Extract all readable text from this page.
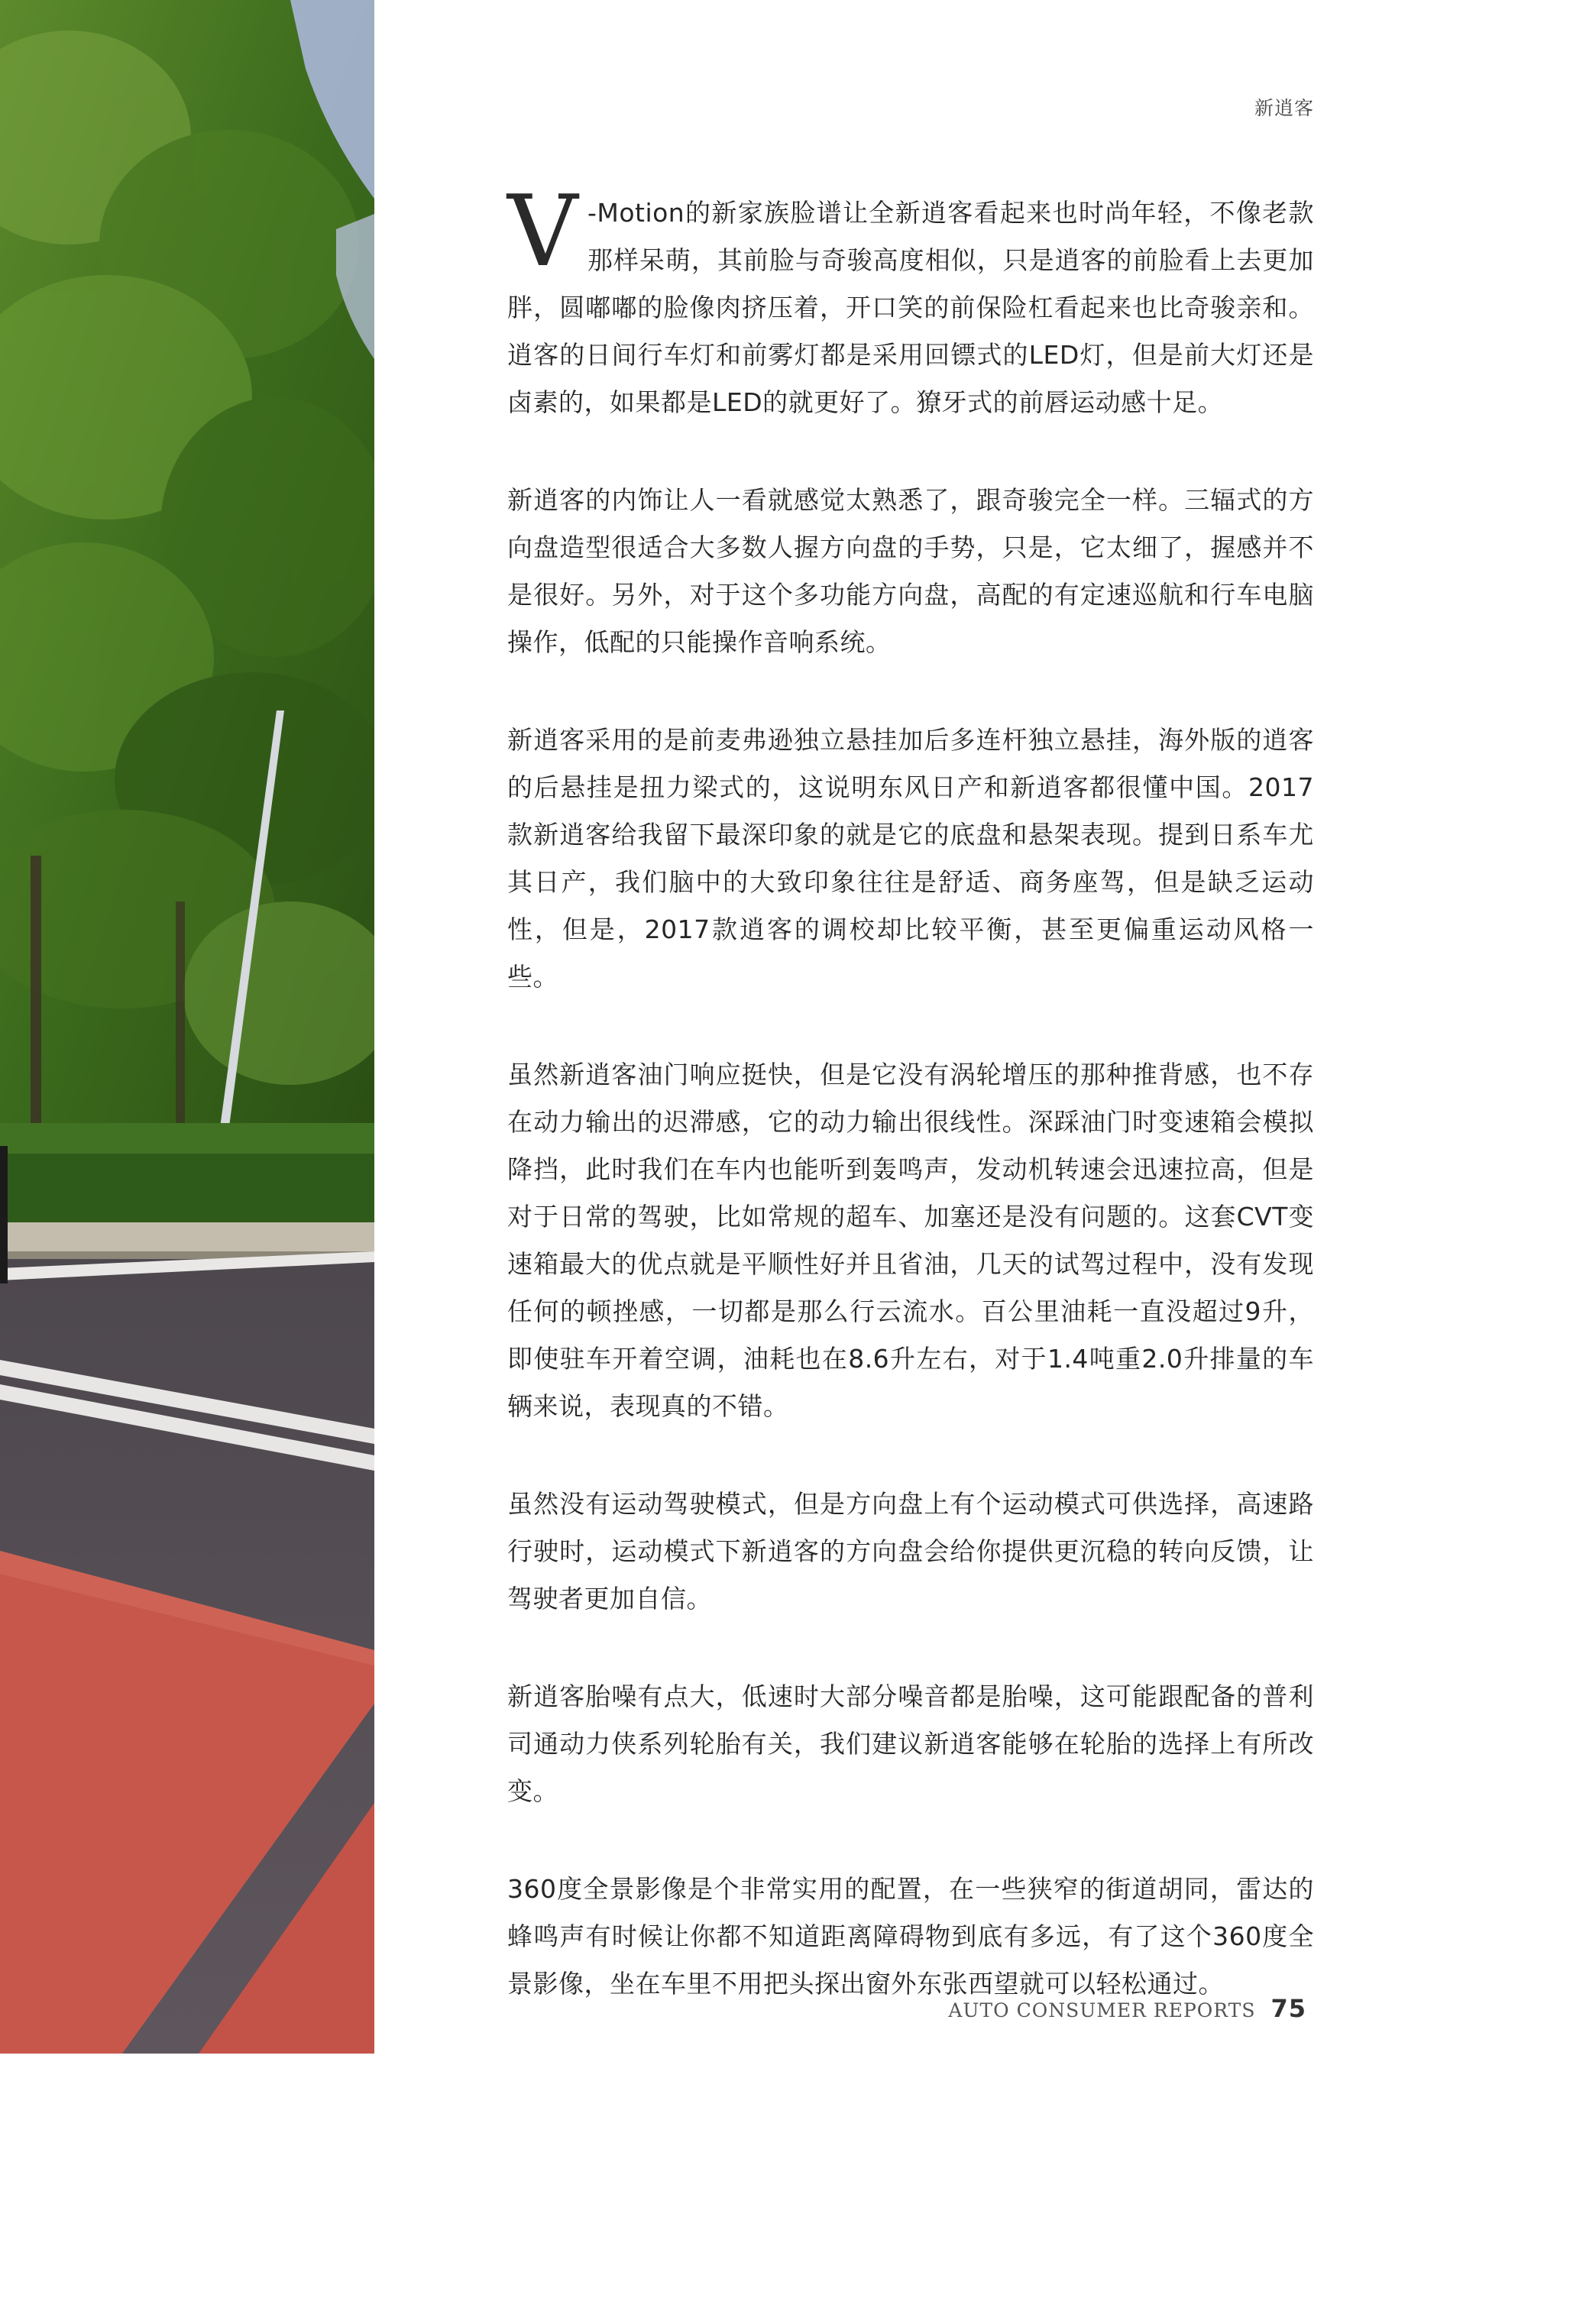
新逍客

V -Motion的新家族脸谱让全新逍客看起来也时尚年轻，不像老款那样呆萌，其前脸与奇骏高度相似，只是逍客的前脸看上去更加胖，圆嘟嘟的脸像肉挤压着，开口笑的前保险杠看起来也比奇骏亲和。逍客的日间行车灯和前雾灯都是采用回镖式的LED灯，但是前大灯还是卤素的，如果都是LED的就更好了。獠牙式的前唇运动感十足。

新逍客的内饰让人一看就感觉太熟悉了，跟奇骏完全一样。三辐式的方向盘造型很适合大多数人握方向盘的手势，只是，它太细了，握感并不是很好。另外，对于这个多功能方向盘，高配的有定速巡航和行车电脑操作，低配的只能操作音响系统。

新逍客采用的是前麦弗逊独立悬挂加后多连杆独立悬挂，海外版的逍客的后悬挂是扭力梁式的，这说明东风日产和新逍客都很懂中国。2017款新逍客给我留下最深印象的就是它的底盘和悬架表现。提到日系车尤其日产，我们脑中的大致印象往往是舒适、商务座驾，但是缺乏运动性，但是，2017款逍客的调校却比较平衡，甚至更偏重运动风格一些。

虽然新逍客油门响应挺快，但是它没有涡轮增压的那种推背感，也不存在动力输出的迟滞感，它的动力输出很线性。深踩油门时变速箱会模拟降挡，此时我们在车内也能听到轰鸣声，发动机转速会迅速拉高，但是对于日常的驾驶，比如常规的超车、加塞还是没有问题的。这套CVT变速箱最大的优点就是平顺性好并且省油，几天的试驾过程中，没有发现任何的顿挫感，一切都是那么行云流水。百公里油耗一直没超过9升，即使驻车开着空调，油耗也在8.6升左右，对于1.4吨重2.0升排量的车辆来说，表现真的不错。

虽然没有运动驾驶模式，但是方向盘上有个运动模式可供选择，高速路行驶时，运动模式下新逍客的方向盘会给你提供更沉稳的转向反馈，让驾驶者更加自信。

新逍客胎噪有点大，低速时大部分噪音都是胎噪，这可能跟配备的普利司通动力侠系列轮胎有关，我们建议新逍客能够在轮胎的选择上有所改变。

360度全景影像是个非常实用的配置，在一些狭窄的街道胡同，雷达的蜂鸣声有时候让你都不知道距离障碍物到底有多远，有了这个360度全景影像，坐在车里不用把头探出窗外东张西望就可以轻松通过。

AUTO CONSUMER REPORTS 75
